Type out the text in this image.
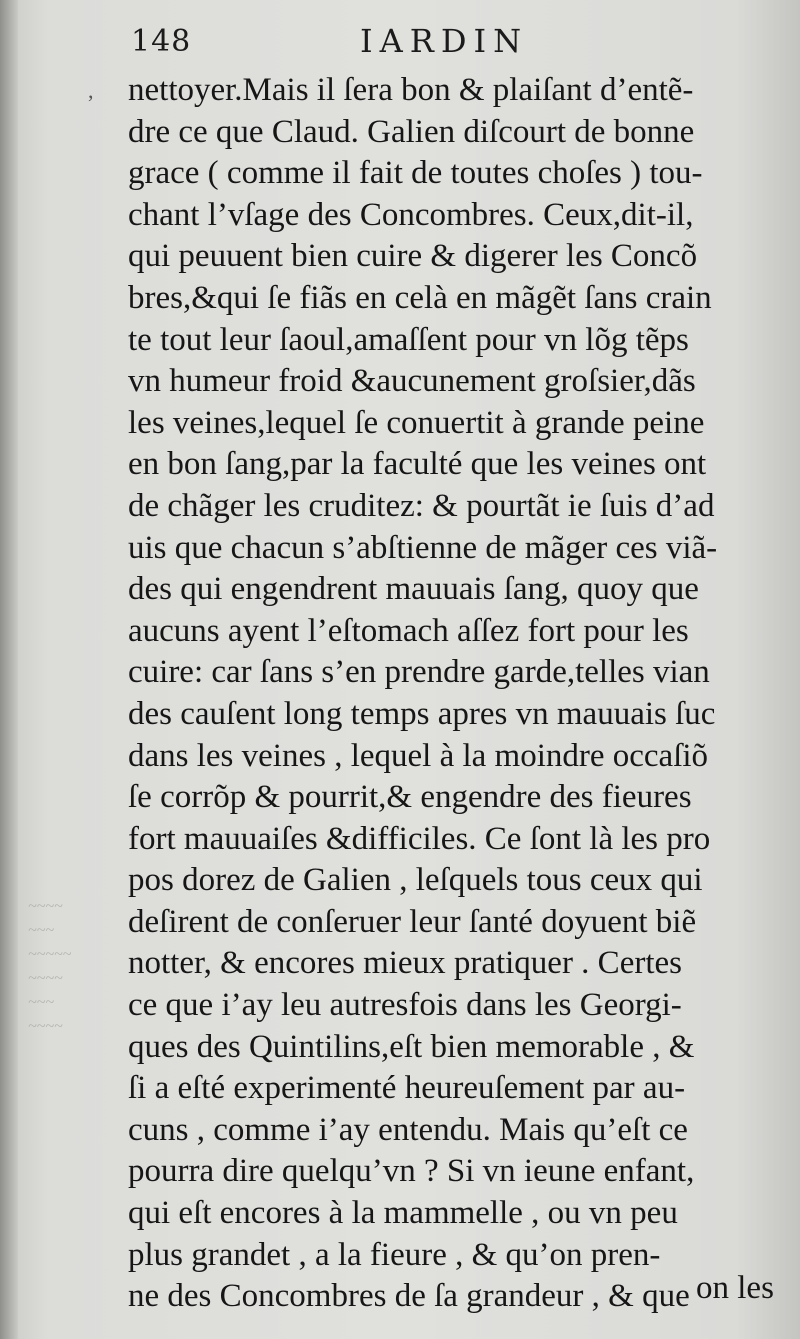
148	IARDIN
,
~~~~
~~~
~~~~~
~~~~
~~~
~~~~
nettoyer.Mais il ſera bon & plaiſant d’entẽ-
dre ce que Claud. Galien diſcourt de bonne
grace ( comme il fait de toutes choſes ) tou-
chant l’vſage des Concombres. Ceux,dit-il,
qui peuuent bien cuire & digerer les Concõ
bres,&qui ſe fiãs en celà en mãgẽt ſans crain
te tout leur ſaoul,amaſſent pour vn lõg tẽps
vn humeur froid &aucunement groſsier,dãs
les veines,lequel ſe conuertit à grande peine
en bon ſang,par la faculté que les veines ont
de chãger les cruditez: & pourtãt ie ſuis d’ad
uis que chacun s’abſtienne de mãger ces viã-
des qui engendrent mauuais ſang, quoy que
aucuns ayent l’eſtomach aſſez fort pour les
cuire: car ſans s’en prendre garde,telles vian
des cauſent long temps apres vn mauuais ſuc
dans les veines , lequel à la moindre occaſiõ
ſe corrõp & pourrit,& engendre des fieures
fort mauuaiſes &difficiles. Ce ſont là les pro
pos dorez de Galien , leſquels tous ceux qui
deſirent de conſeruer leur ſanté doyuent biẽ
notter, & encores mieux pratiquer . Certes
ce que i’ay leu autresfois dans les Georgi-
ques des Quintilins,eſt bien memorable , &
ſi a eſté experimenté heureuſement par au-
cuns , comme i’ay entendu. Mais qu’eſt ce
pourra dire quelqu’vn ? Si vn ieune enfant,
qui eſt encores à la mammelle , ou vn peu
plus grandet , a la fieure , & qu’on pren-
ne des Concombres de ſa grandeur , & que on les
